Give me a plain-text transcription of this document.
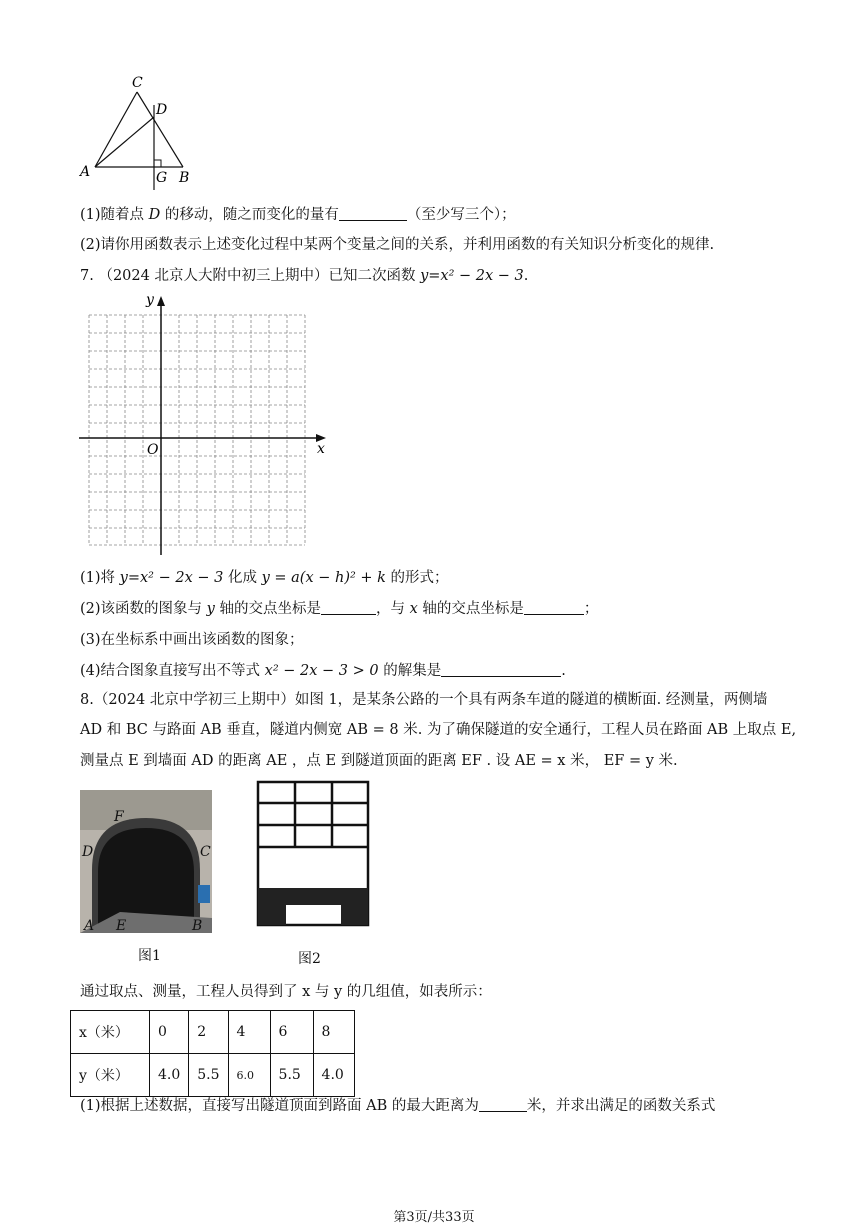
C
D
A	G B
(1)随着点 D 的移动，随之而变化的量有	（至少写三个）；
(2)请你用函数表示上述变化过程中某两个变量之间的关系，并利用函数的有关知识分析变化的规律.
7. （2024 北京人大附中初三上期中）已知二次函数 y=x² − 2x − 3.
x
y
O
(1)将 y=x² − 2x − 3 化成 y = a(x − h)² + k 的形式；
(2)该函数的图象与 y 轴的交点坐标是	，与 x 轴的交点坐标是	；
(3)在坐标系中画出该函数的图象；
(4)结合图象直接写出不等式 x² − 2x − 3 > 0 的解集是	.
8.（2024 北京中学初三上期中）如图 1，是某条公路的一个具有两条车道的隧道的横断面. 经测量，两侧墙
AD 和 BC 与路面 AB 垂直，隧道内侧宽 AB = 8 米. 为了确保隧道的安全通行，工程人员在路面 AB 上取点 E,
测量点 E 到墙面 AD 的距离 AE ，点 E 到隧道顶面的距离 EF . 设 AE = x 米， EF = y 米.
F
D	C
A E	B
图1	图2
通过取点、测量，工程人员得到了 x 与 y 的几组值，如表所示：
x（米）	0	2	4	6	8
y（米）	4.0	5.5	6.0	5.5	4.0
(1)根据上述数据，直接写出隧道顶面到路面 AB 的最大距离为	米，并求出满足的函数关系式
第3页/共33页
